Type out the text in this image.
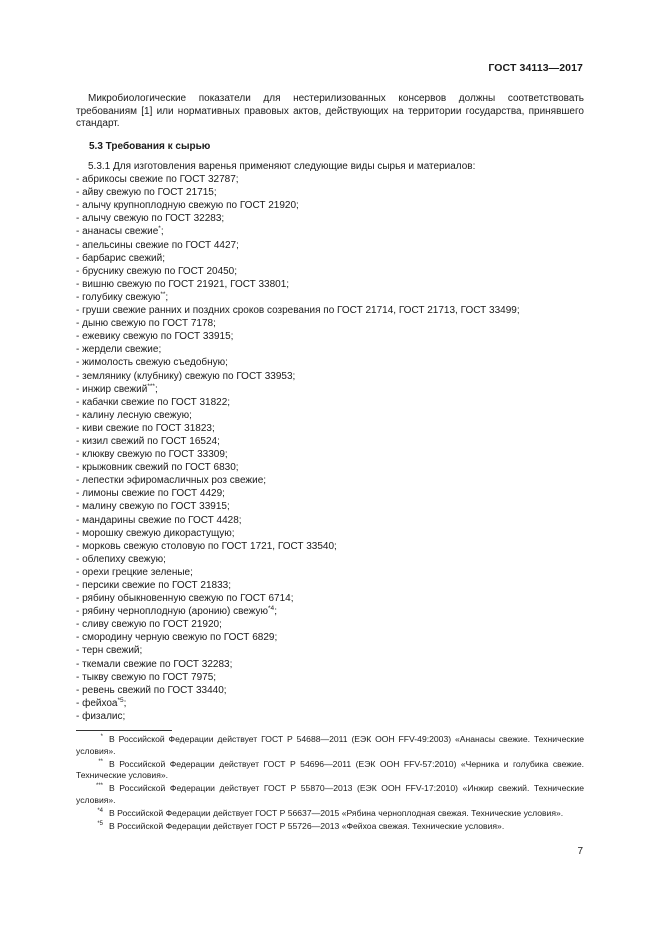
ГОСТ 34113—2017

Микробиологические показатели для нестерилизованных консервов должны соответствовать требованиям [1] или нормативных правовых актов, действующих на территории государства, принявшего стандарт.

5.3 Требования к сырью

5.3.1 Для изготовления варенья применяют следующие виды сырья и материалов:

- абрикосы свежие по ГОСТ 32787;
- айву свежую по ГОСТ 21715;
- алычу крупноплодную свежую по ГОСТ 21920;
- алычу свежую по ГОСТ 32283;
- ананасы свежие*;
- апельсины свежие по ГОСТ 4427;
- барбарис свежий;
- бруснику свежую по ГОСТ 20450;
- вишню свежую по ГОСТ 21921, ГОСТ 33801;
- голубику свежую**;
- груши свежие ранних и поздних сроков созревания по ГОСТ 21714, ГОСТ 21713, ГОСТ 33499;
- дыню свежую по ГОСТ 7178;
- ежевику свежую по ГОСТ 33915;
- жердели свежие;
- жимолость свежую съедобную;
- землянику (клубнику) свежую по ГОСТ 33953;
- инжир свежий***;
- кабачки свежие по ГОСТ 31822;
- калину лесную свежую;
- киви свежие по ГОСТ 31823;
- кизил свежий по ГОСТ 16524;
- клюкву свежую по ГОСТ 33309;
- крыжовник свежий по ГОСТ 6830;
- лепестки эфиромасличных роз свежие;
- лимоны свежие по ГОСТ 4429;
- малину свежую по ГОСТ 33915;
- мандарины свежие по ГОСТ 4428;
- морошку свежую дикорастущую;
- морковь свежую столовую по ГОСТ 1721, ГОСТ 33540;
- облепиху свежую;
- орехи грецкие зеленые;
- персики свежие по ГОСТ 21833;
- рябину обыкновенную свежую по ГОСТ 6714;
- рябину черноплодную (аронию) свежую$^{*4}$;
- сливу свежую по ГОСТ 21920;
- смородину черную свежую по ГОСТ 6829;
- терн свежий;
- ткемали свежие по ГОСТ 32283;
- тыкву свежую по ГОСТ 7975;
- ревень свежий по ГОСТ 33440;
- фейхоа$^{*5}$;
- физалис;

* В Российской Федерации действует ГОСТ Р 54688—2011 (ЕЭК ООН FFV-49:2003) «Ананасы свежие. Технические условия».

** В Российской Федерации действует ГОСТ Р 54696—2011 (ЕЭК ООН FFV-57:2010) «Черника и голубика свежие. Технические условия».

*** В Российской Федерации действует ГОСТ Р 55870—2013 (ЕЭК ООН FFV-17:2010) «Инжир свежий. Технические условия».

$^{*4}$ В Российской Федерации действует ГОСТ Р 56637—2015 «Рябина черноплодная свежая. Технические условия».

$^{*5}$ В Российской Федерации действует ГОСТ Р 55726—2013 «Фейхоа свежая. Технические условия».

7
